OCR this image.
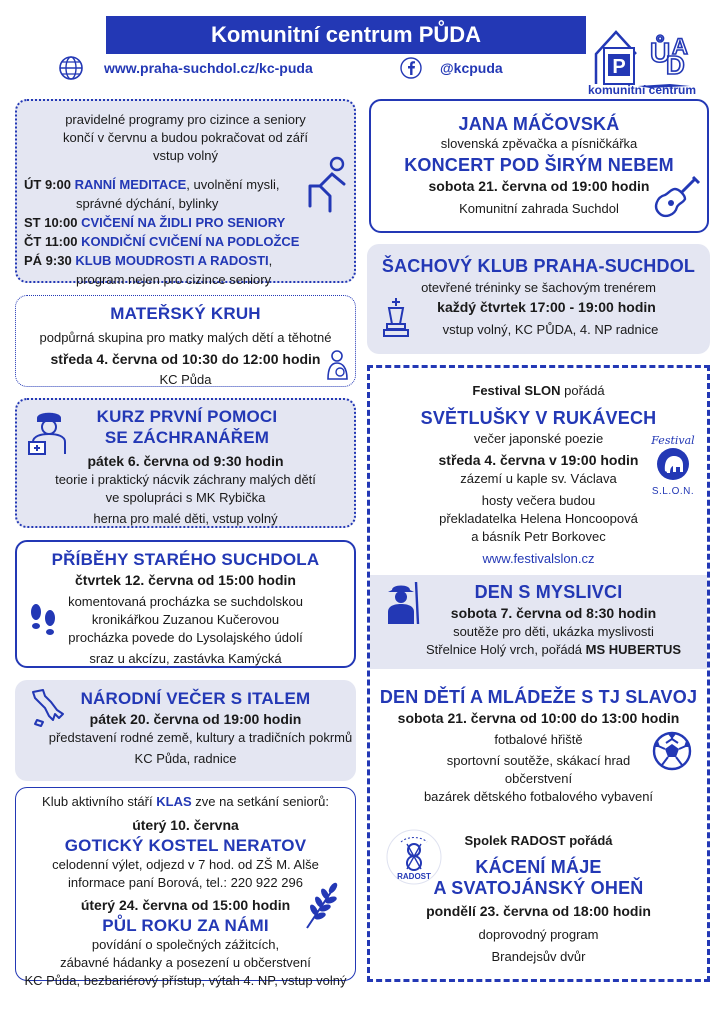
Komunitní centrum PŮDA
www.praha-suchdol.cz/kc-puda	@kcpuda	P Ů
D
A
komunitní centrum
pravidelné programy pro cizince a seniory
končí v červnu a budou pokračovat od září
vstup volný
ÚT 9:00 RANNÍ MEDITACE, uvolnění mysli,
správné dýchání, bylinky
ST 10:00 CVIČENÍ NA ŽIDLI PRO SENIORY
ČT 11:00 KONDIČNÍ CVIČENÍ NA PODLOŽCE
PÁ 9:30 KLUB MOUDROSTI A RADOSTI,
program nejen pro cizince seniory
MATEŘSKÝ KRUH
podpůrná skupina pro matky malých dětí a těhotné
středa 4. června od 10:30 do 12:00 hodin
KC Půda
KURZ PRVNÍ POMOCI
SE ZÁCHRANÁŘEM
pátek 6. června od 9:30 hodin
teorie i praktický nácvik záchrany malých dětí
ve spolupráci s MK Rybička
herna pro malé děti, vstup volný
PŘÍBĚHY STARÉHO SUCHDOLA
čtvrtek 12. června od 15:00 hodin
komentovaná procházka se suchdolskou
kronikářkou Zuzanou Kučerovou
procházka povede do Lysolajského údolí
sraz u akcízu, zastávka Kamýcká
NÁRODNÍ VEČER S ITALEM
pátek 20. června od 19:00 hodin
představení rodné země, kultury a tradičních pokrmů
KC Půda, radnice
Klub aktivního stáří KLAS zve na setkání seniorů:
úterý 10. června
GOTICKÝ KOSTEL NERATOV
celodenní výlet, odjezd v 7 hod. od ZŠ M. Alše
informace paní Borová, tel.: 220 922 296
úterý 24. června od 15:00 hodin
PŮL ROKU ZA NÁMI
povídání o společných zážitcích,
zábavné hádanky a posezení u občerstvení
KC Půda, bezbariérový přístup, výtah 4. NP, vstup volný
JANA MÁČOVSKÁ
slovenská zpěvačka a písničkářka
KONCERT POD ŠIRÝM NEBEM
sobota 21. června od 19:00 hodin
Komunitní zahrada Suchdol
ŠACHOVÝ KLUB PRAHA-SUCHDOL
otevřené tréninky se šachovým trenérem
každý čtvrtek 17:00 - 19:00 hodin
vstup volný, KC PŮDA, 4. NP radnice
Festival SLON pořádá
SVĚTLUŠKY V RUKÁVECH
večer japonské poezie
středa 4. června v 19:00 hodin
zázemí u kaple sv. Václava
hosty večera budou
překladatelka Helena Honcoopová
a básník Petr Borkovec
www.festivalslon.cz
Festival
S.L.O.N.
DEN S MYSLIVCI
sobota 7. června od 8:30 hodin
soutěže pro děti, ukázka myslivosti
Střelnice Holý vrch, pořádá MS HUBERTUS
DEN DĚTÍ A MLÁDEŽE S TJ SLAVOJ
sobota 21. června od 10:00 do 13:00 hodin
fotbalové hřiště
sportovní soutěže, skákací hrad
občerstvení
bazárek dětského fotbalového vybavení
RADOST
Spolek RADOST pořádá
KÁCENÍ MÁJE
A SVATOJÁNSKÝ OHEŇ
pondělí 23. června od 18:00 hodin
doprovodný program
Brandejsův dvůr
